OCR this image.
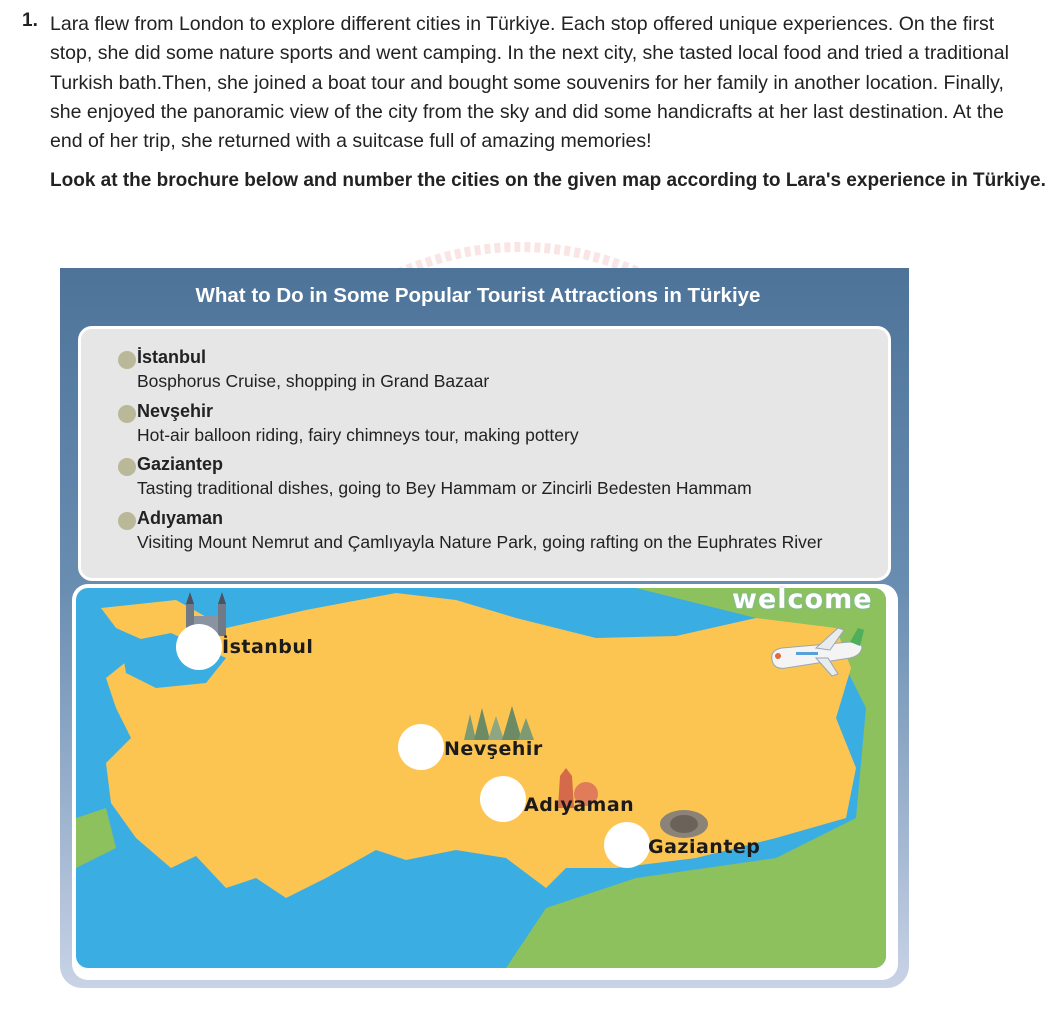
1. Lara flew from London to explore different cities in Türkiye. Each stop offered unique experiences. On the first stop, she did some nature sports and went camping. In the next city, she tasted local food and tried a traditional Turkish bath.Then, she joined a boat tour and bought some souvenirs for her family in another location. Finally, she enjoyed the panoramic view of the city from the sky and did some handicrafts at her last destination. At the end of her trip, she returned with a suitcase full of amazing memories!
Look at the brochure below and number the cities on the given map according to Lara's experience in Türkiye.
What to Do in Some Popular Tourist Attractions in Türkiye
İstanbul
Bosphorus Cruise, shopping in Grand Bazaar
Nevşehir
Hot-air balloon riding, fairy chimneys tour, making pottery
Gaziantep
Tasting traditional dishes, going to Bey Hammam or Zincirli Bedesten Hammam
Adıyaman
Visiting Mount Nemrut and Çamlıyayla Nature Park, going rafting on the Euphrates River
welcome
İstanbul
Nevşehir
Adıyaman
Gaziantep
